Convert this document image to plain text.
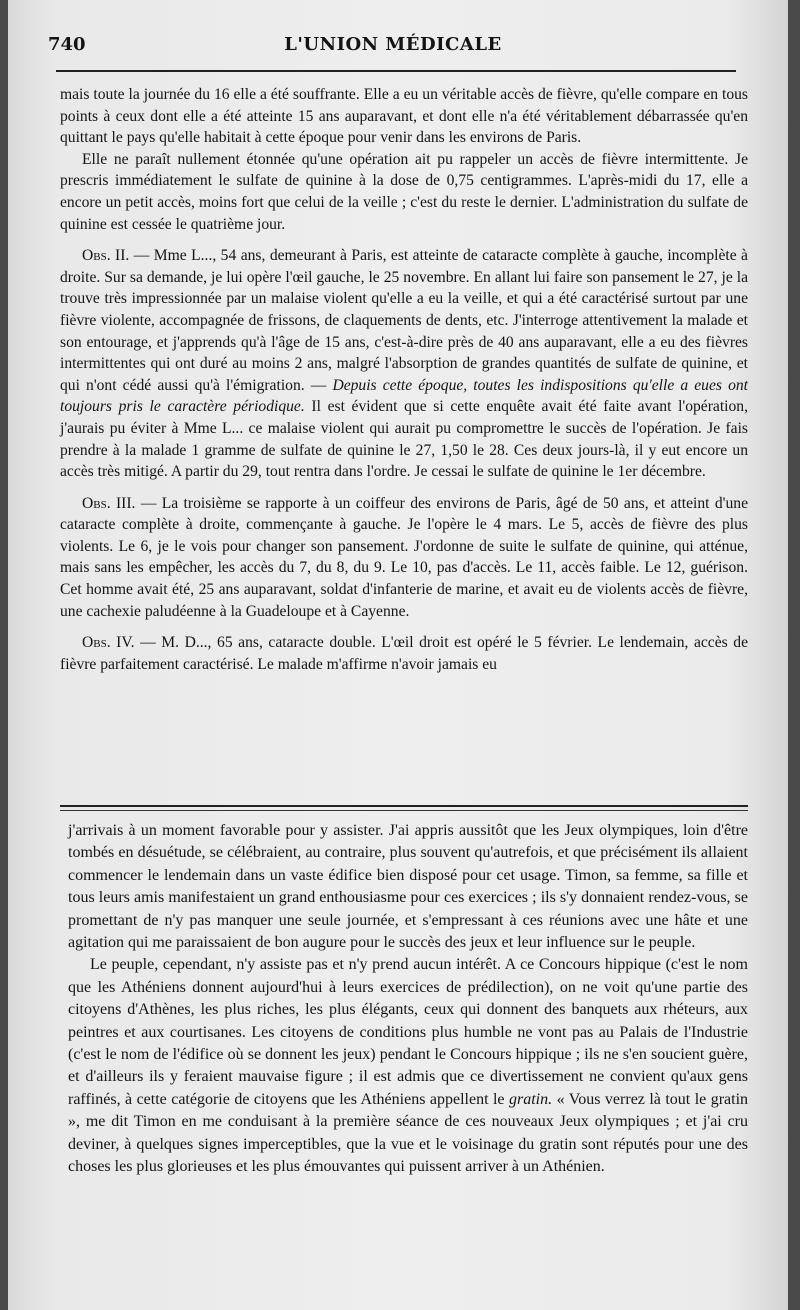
740	L'UNION MÉDICALE

mais toute la journée du 16 elle a été souffrante. Elle a eu un véritable accès de fièvre, qu'elle compare en tous points à ceux dont elle a été atteinte 15 ans auparavant, et dont elle n'a été véritablement débarrassée qu'en quittant le pays qu'elle habitait à cette époque pour venir dans les environs de Paris.

Elle ne paraît nullement étonnée qu'une opération ait pu rappeler un accès de fièvre intermittente. Je prescris immédiatement le sulfate de quinine à la dose de 0,75 centigrammes. L'après-midi du 17, elle a encore un petit accès, moins fort que celui de la veille ; c'est du reste le dernier. L'administration du sulfate de quinine est cessée le quatrième jour.

Obs. II. — Mme L..., 54 ans, demeurant à Paris, est atteinte de cataracte complète à gauche, incomplète à droite. Sur sa demande, je lui opère l'œil gauche, le 25 novembre. En allant lui faire son pansement le 27, je la trouve très impressionnée par un malaise violent qu'elle a eu la veille, et qui a été caractérisé surtout par une fièvre violente, accompagnée de frissons, de claquements de dents, etc. J'interroge attentivement la malade et son entourage, et j'apprends qu'à l'âge de 15 ans, c'est-à-dire près de 40 ans auparavant, elle a eu des fièvres intermittentes qui ont duré au moins 2 ans, malgré l'absorption de grandes quantités de sulfate de quinine, et qui n'ont cédé aussi qu'à l'émigration. — Depuis cette époque, toutes les indispositions qu'elle a eues ont toujours pris le caractère périodique. Il est évident que si cette enquête avait été faite avant l'opération, j'aurais pu éviter à Mme L... ce malaise violent qui aurait pu compromettre le succès de l'opération. Je fais prendre à la malade 1 gramme de sulfate de quinine le 27, 1,50 le 28. Ces deux jours-là, il y eut encore un accès très mitigé. A partir du 29, tout rentra dans l'ordre. Je cessai le sulfate de quinine le 1er décembre.

Obs. III. — La troisième se rapporte à un coiffeur des environs de Paris, âgé de 50 ans, et atteint d'une cataracte complète à droite, commençante à gauche. Je l'opère le 4 mars. Le 5, accès de fièvre des plus violents. Le 6, je le vois pour changer son pansement. J'ordonne de suite le sulfate de quinine, qui atténue, mais sans les empêcher, les accès du 7, du 8, du 9. Le 10, pas d'accès. Le 11, accès faible. Le 12, guérison. Cet homme avait été, 25 ans auparavant, soldat d'infanterie de marine, et avait eu de violents accès de fièvre, une cachexie paludéenne à la Guadeloupe et à Cayenne.

Obs. IV. — M. D..., 65 ans, cataracte double. L'œil droit est opéré le 5 février. Le lendemain, accès de fièvre parfaitement caractérisé. Le malade m'affirme n'avoir jamais eu

j'arrivais à un moment favorable pour y assister. J'ai appris aussitôt que les Jeux olympiques, loin d'être tombés en désuétude, se célébraient, au contraire, plus souvent qu'autrefois, et que précisément ils allaient commencer le lendemain dans un vaste édifice bien disposé pour cet usage. Timon, sa femme, sa fille et tous leurs amis manifestaient un grand enthousiasme pour ces exercices ; ils s'y donnaient rendez-vous, se promettant de n'y pas manquer une seule journée, et s'empressant à ces réunions avec une hâte et une agitation qui me paraissaient de bon augure pour le succès des jeux et leur influence sur le peuple.

Le peuple, cependant, n'y assiste pas et n'y prend aucun intérêt. A ce Concours hippique (c'est le nom que les Athéniens donnent aujourd'hui à leurs exercices de prédilection), on ne voit qu'une partie des citoyens d'Athènes, les plus riches, les plus élégants, ceux qui donnent des banquets aux rhéteurs, aux peintres et aux courtisanes. Les citoyens de conditions plus humble ne vont pas au Palais de l'Industrie (c'est le nom de l'édifice où se donnent les jeux) pendant le Concours hippique ; ils ne s'en soucient guère, et d'ailleurs ils y feraient mauvaise figure ; il est admis que ce divertissement ne convient qu'aux gens raffinés, à cette catégorie de citoyens que les Athéniens appellent le gratin. « Vous verrez là tout le gratin », me dit Timon en me conduisant à la première séance de ces nouveaux Jeux olympiques ; et j'ai cru deviner, à quelques signes imperceptibles, que la vue et le voisinage du gratin sont réputés pour une des choses les plus glorieuses et les plus émouvantes qui puissent arriver à un Athénien.
